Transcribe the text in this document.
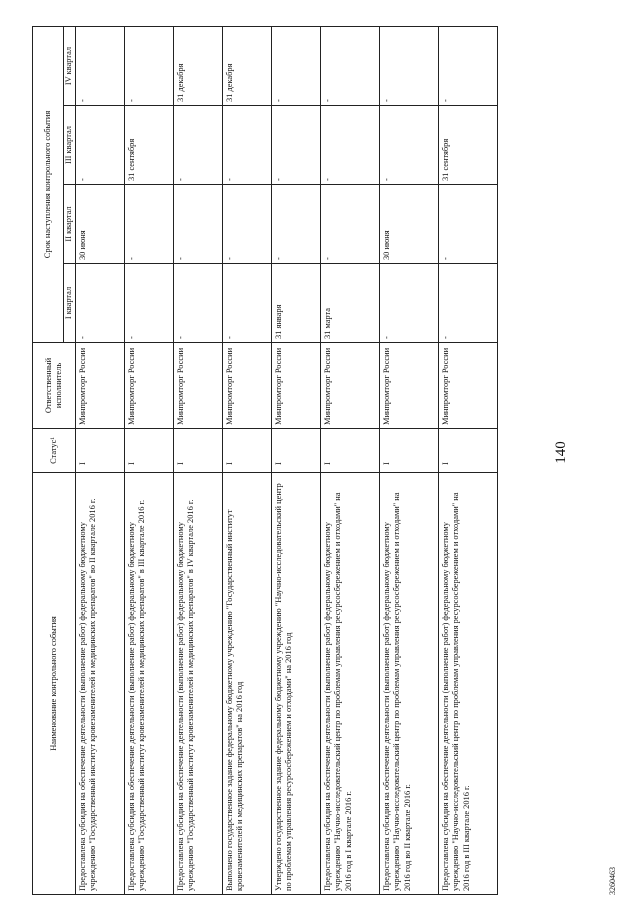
140
Наименование контрольного события	Статус¹	Ответственный исполнитель	Срок наступления контрольного события			
			I квартал	II квартал	III квартал	IV квартал
Предоставлена субсидия на обеспечение деятельности (выполнение работ) федеральному бюджетному учреждению "Государственный институт кровезаменителей и медицинских препаратов" во II квартале 2016 г.	I	Минпромторг России	-	30 июня	-	-
Предоставлена субсидия на обеспечение деятельности (выполнение работ) федеральному бюджетному учреждению "Государственный институт кровезаменителей и медицинских препаратов" в III квартале 2016 г.	I	Минпромторг России	-	-	31 сентября	-
Предоставлена субсидия на обеспечение деятельности (выполнение работ) федеральному бюджетному учреждению "Государственный институт кровезаменителей и медицинских препаратов" в IV квартале 2016 г.	I	Минпромторг России	-	-	-	31 декабря
Выполнено государственное задание федеральному бюджетному учреждению "Государственный институт кровезаменителей и медицинских препаратов" на 2016 год	I	Минпромторг России	-	-	-	31 декабря
Утверждено государственное задание федеральному бюджетному учреждению "Научно-исследовательский центр по проблемам управления ресурсосбережением и отходами" на 2016 год	I	Минпромторг России	31 января	-	-	-
Предоставлена субсидия на обеспечение деятельности (выполнение работ) федеральному бюджетному учреждению "Научно-исследовательский центр по проблемам управления ресурсосбережением и отходами" на 2016 год в I квартале 2016 г.	I	Минпромторг России	31 марта	-	-	-
Предоставлена субсидия на обеспечение деятельности (выполнение работ) федеральному бюджетному учреждению "Научно-исследовательский центр по проблемам управления ресурсосбережением и отходами" на 2016 год во II квартале 2016 г.	I	Минпромторг России	-	30 июня	-	-
Предоставлена субсидия на обеспечение деятельности (выполнение работ) федеральному бюджетному учреждению "Научно-исследовательский центр по проблемам управления ресурсосбережением и отходами" на 2016 год в III квартале 2016 г.	I	Минпромторг России	-	-	31 сентября	-
3260463
